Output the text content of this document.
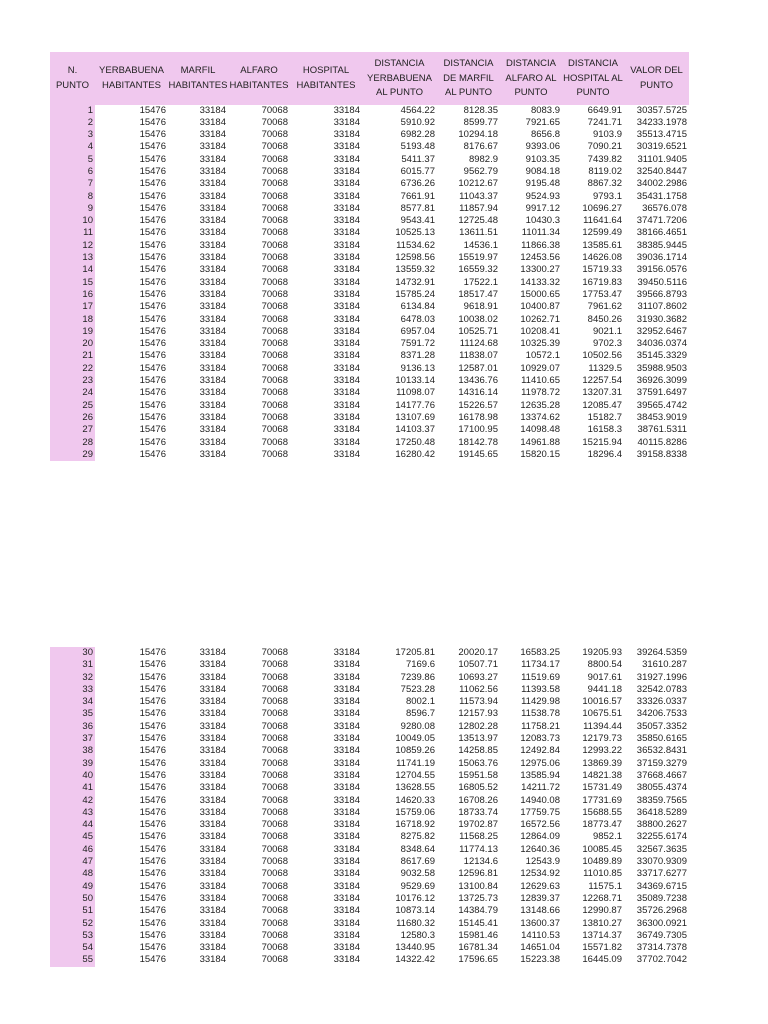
N. PUNTO	YERBABUENA HABITANTES	MARFIL HABITANTES	ALFARO HABITANTES	HOSPITAL HABITANTES	DISTANCIA YERBABUENA AL PUNTO	DISTANCIA DE MARFIL AL PUNTO	DISTANCIA ALFARO AL PUNTO	DISTANCIA HOSPITAL AL PUNTO	VALOR DEL PUNTO
1	15476	33184	70068	33184	4564.22	8128.35	8083.9	6649.91	30357.5725
2	15476	33184	70068	33184	5910.92	8599.77	7921.65	7241.71	34233.1978
3	15476	33184	70068	33184	6982.28	10294.18	8656.8	9103.9	35513.4715
4	15476	33184	70068	33184	5193.48	8176.67	9393.06	7090.21	30319.6521
5	15476	33184	70068	33184	5411.37	8982.9	9103.35	7439.82	31101.9405
6	15476	33184	70068	33184	6015.77	9562.79	9084.18	8119.02	32540.8447
7	15476	33184	70068	33184	6736.26	10212.67	9195.48	8867.32	34002.2986
8	15476	33184	70068	33184	7661.91	11043.37	9524.93	9793.1	35431.1758
9	15476	33184	70068	33184	8577.81	11857.94	9917.12	10696.27	36576.078
10	15476	33184	70068	33184	9543.41	12725.48	10430.3	11641.64	37471.7206
11	15476	33184	70068	33184	10525.13	13611.51	11011.34	12599.49	38166.4651
12	15476	33184	70068	33184	11534.62	14536.1	11866.38	13585.61	38385.9445
13	15476	33184	70068	33184	12598.56	15519.97	12453.56	14626.08	39036.1714
14	15476	33184	70068	33184	13559.32	16559.32	13300.27	15719.33	39156.0576
15	15476	33184	70068	33184	14732.91	17522.1	14133.32	16719.83	39450.5116
16	15476	33184	70068	33184	15785.24	18517.47	15000.65	17753.47	39566.8793
17	15476	33184	70068	33184	6134.84	9618.91	10400.87	7961.62	31107.8602
18	15476	33184	70068	33184	6478.03	10038.02	10262.71	8450.26	31930.3682
19	15476	33184	70068	33184	6957.04	10525.71	10208.41	9021.1	32952.6467
20	15476	33184	70068	33184	7591.72	11124.68	10325.39	9702.3	34036.0374
21	15476	33184	70068	33184	8371.28	11838.07	10572.1	10502.56	35145.3329
22	15476	33184	70068	33184	9136.13	12587.01	10929.07	11329.5	35988.9503
23	15476	33184	70068	33184	10133.14	13436.76	11410.65	12257.54	36926.3099
24	15476	33184	70068	33184	11098.07	14316.14	11978.72	13207.31	37591.6497
25	15476	33184	70068	33184	14177.76	15226.57	12635.28	12085.47	39565.4742
26	15476	33184	70068	33184	13107.69	16178.98	13374.62	15182.7	38453.9019
27	15476	33184	70068	33184	14103.37	17100.95	14098.48	16158.3	38761.5311
28	15476	33184	70068	33184	17250.48	18142.78	14961.88	15215.94	40115.8286
29	15476	33184	70068	33184	16280.42	19145.65	15820.15	18296.4	39158.8338
30	15476	33184	70068	33184	17205.81	20020.17	16583.25	19205.93	39264.5359
31	15476	33184	70068	33184	7169.6	10507.71	11734.17	8800.54	31610.287
32	15476	33184	70068	33184	7239.86	10693.27	11519.69	9017.61	31927.1996
33	15476	33184	70068	33184	7523.28	11062.56	11393.58	9441.18	32542.0783
34	15476	33184	70068	33184	8002.1	11573.94	11429.98	10016.57	33326.0337
35	15476	33184	70068	33184	8596.7	12157.93	11538.78	10675.51	34206.7533
36	15476	33184	70068	33184	9280.08	12802.28	11758.21	11394.44	35057.3352
37	15476	33184	70068	33184	10049.05	13513.97	12083.73	12179.73	35850.6165
38	15476	33184	70068	33184	10859.26	14258.85	12492.84	12993.22	36532.8431
39	15476	33184	70068	33184	11741.19	15063.76	12975.06	13869.39	37159.3279
40	15476	33184	70068	33184	12704.55	15951.58	13585.94	14821.38	37668.4667
41	15476	33184	70068	33184	13628.55	16805.52	14211.72	15731.49	38055.4374
42	15476	33184	70068	33184	14620.33	16708.26	14940.08	17731.69	38359.7565
43	15476	33184	70068	33184	15759.06	18733.74	17759.75	15688.55	36418.5289
44	15476	33184	70068	33184	16718.92	19702.87	16572.56	18773.47	38800.2627
45	15476	33184	70068	33184	8275.82	11568.25	12864.09	9852.1	32255.6174
46	15476	33184	70068	33184	8348.64	11774.13	12640.36	10085.45	32567.3635
47	15476	33184	70068	33184	8617.69	12134.6	12543.9	10489.89	33070.9309
48	15476	33184	70068	33184	9032.58	12596.81	12534.92	11010.85	33717.6277
49	15476	33184	70068	33184	9529.69	13100.84	12629.63	11575.1	34369.6715
50	15476	33184	70068	33184	10176.12	13725.73	12839.37	12268.71	35089.7238
51	15476	33184	70068	33184	10873.14	14384.79	13148.66	12990.87	35726.2968
52	15476	33184	70068	33184	11680.32	15145.41	13600.37	13810.27	36300.0921
53	15476	33184	70068	33184	12580.3	15981.46	14110.53	13714.37	36749.7305
54	15476	33184	70068	33184	13440.95	16781.34	14651.04	15571.82	37314.7378
55	15476	33184	70068	33184	14322.42	17596.65	15223.38	16445.09	37702.7042
